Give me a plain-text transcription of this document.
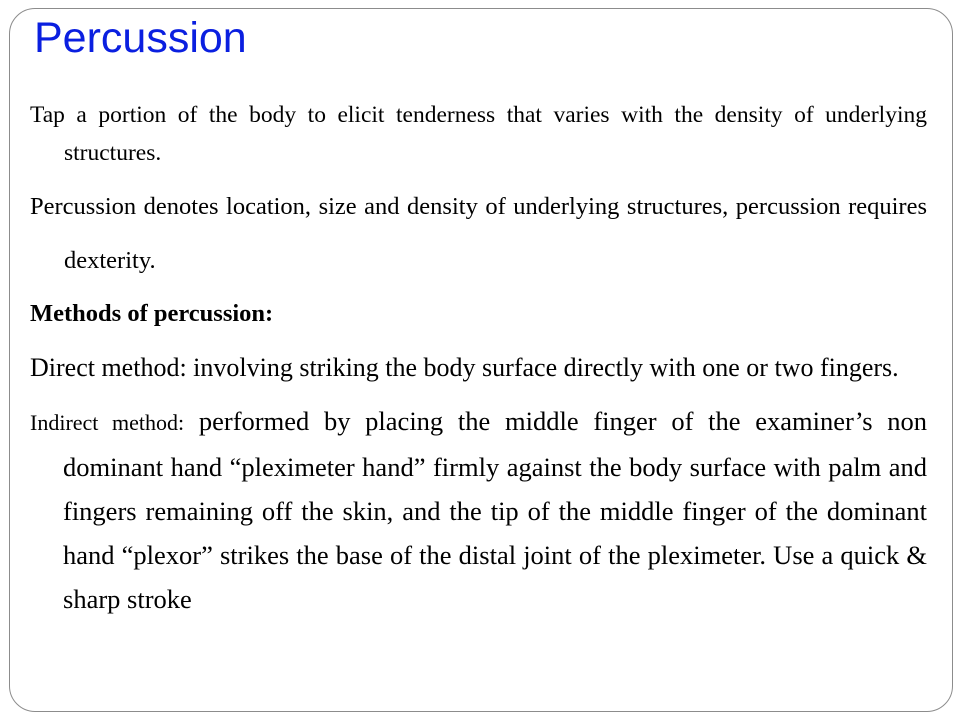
Percussion

Tap a portion of the body to elicit tenderness that varies with the density of underlying structures.

Percussion denotes location, size and density of underlying structures, percussion requires dexterity.

Methods of percussion:

Direct method: involving striking the body surface directly with one or two fingers.

Indirect method: performed by placing the middle finger of the examiner’s non dominant hand “pleximeter hand” firmly against the body surface with palm and fingers remaining off the skin, and the tip of the middle finger of the dominant hand “plexor” strikes the base of the distal joint of the pleximeter. Use a quick & sharp stroke
